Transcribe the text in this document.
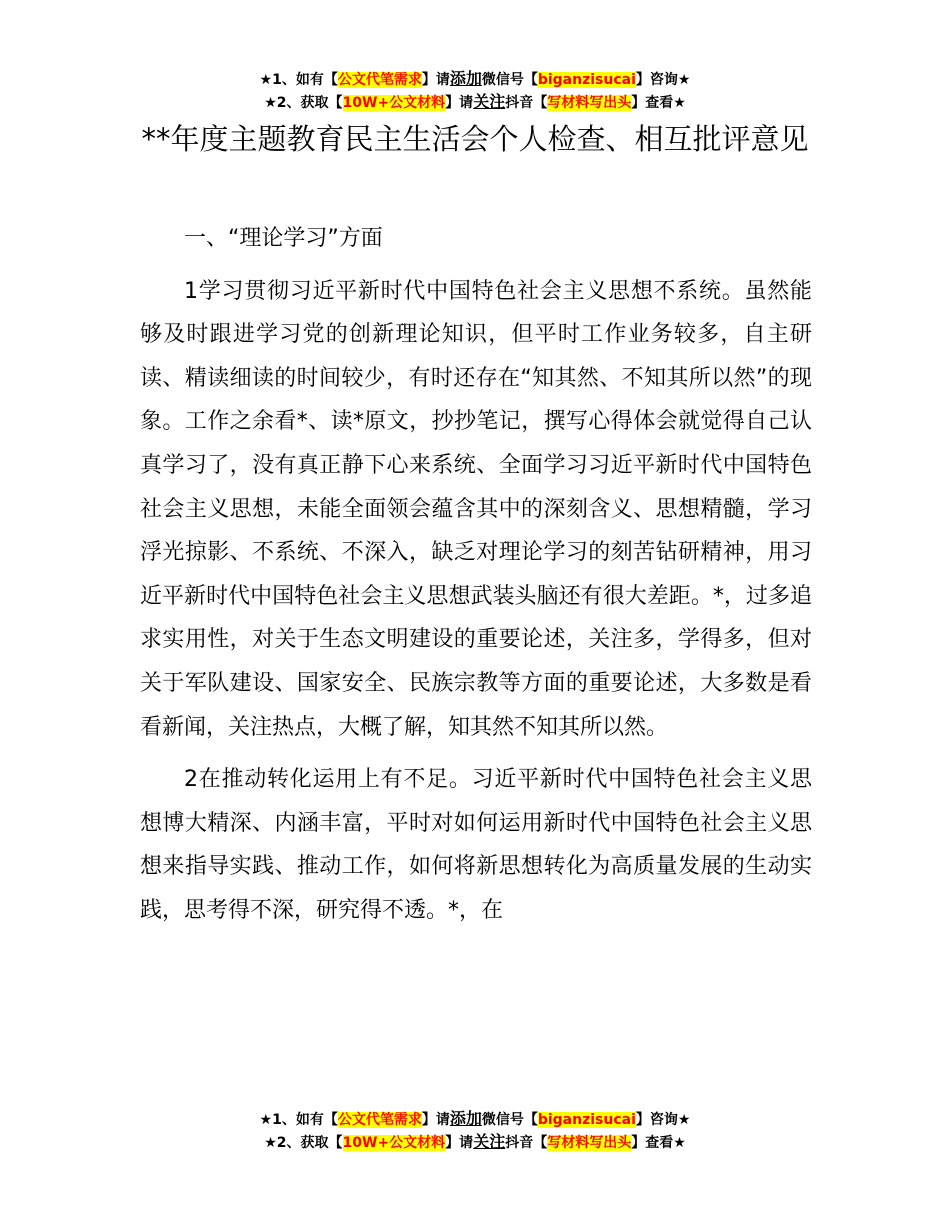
★1、如有【公文代笔需求】请添加微信号【biganzisucai】咨询★
★2、获取【10W+公文材料】请关注抖音【写材料写出头】查看★
**年度主题教育民主生活会个人检查、相互批评意见

一、“理论学习”方面

1学习贯彻习近平新时代中国特色社会主义思想不系统。虽然能够及时跟进学习党的创新理论知识，但平时工作业务较多，自主研读、精读细读的时间较少，有时还存在“知其然、不知其所以然”的现象。工作之余看*、读*原文，抄抄笔记，撰写心得体会就觉得自己认真学习了，没有真正静下心来系统、全面学习习近平新时代中国特色社会主义思想，未能全面领会蕴含其中的深刻含义、思想精髓，学习浮光掠影、不系统、不深入，缺乏对理论学习的刻苦钻研精神，用习近平新时代中国特色社会主义思想武装头脑还有很大差距。*，过多追求实用性，对关于生态文明建设的重要论述，关注多，学得多，但对关于军队建设、国家安全、民族宗教等方面的重要论述，大多数是看看新闻，关注热点，大概了解，知其然不知其所以然。

2在推动转化运用上有不足。习近平新时代中国特色社会主义思想博大精深、内涵丰富，平时对如何运用新时代中国特色社会主义思想来指导实践、推动工作，如何将新思想转化为高质量发展的生动实践，思考得不深，研究得不透。*，在

★1、如有【公文代笔需求】请添加微信号【biganzisucai】咨询★
★2、获取【10W+公文材料】请关注抖音【写材料写出头】查看★
